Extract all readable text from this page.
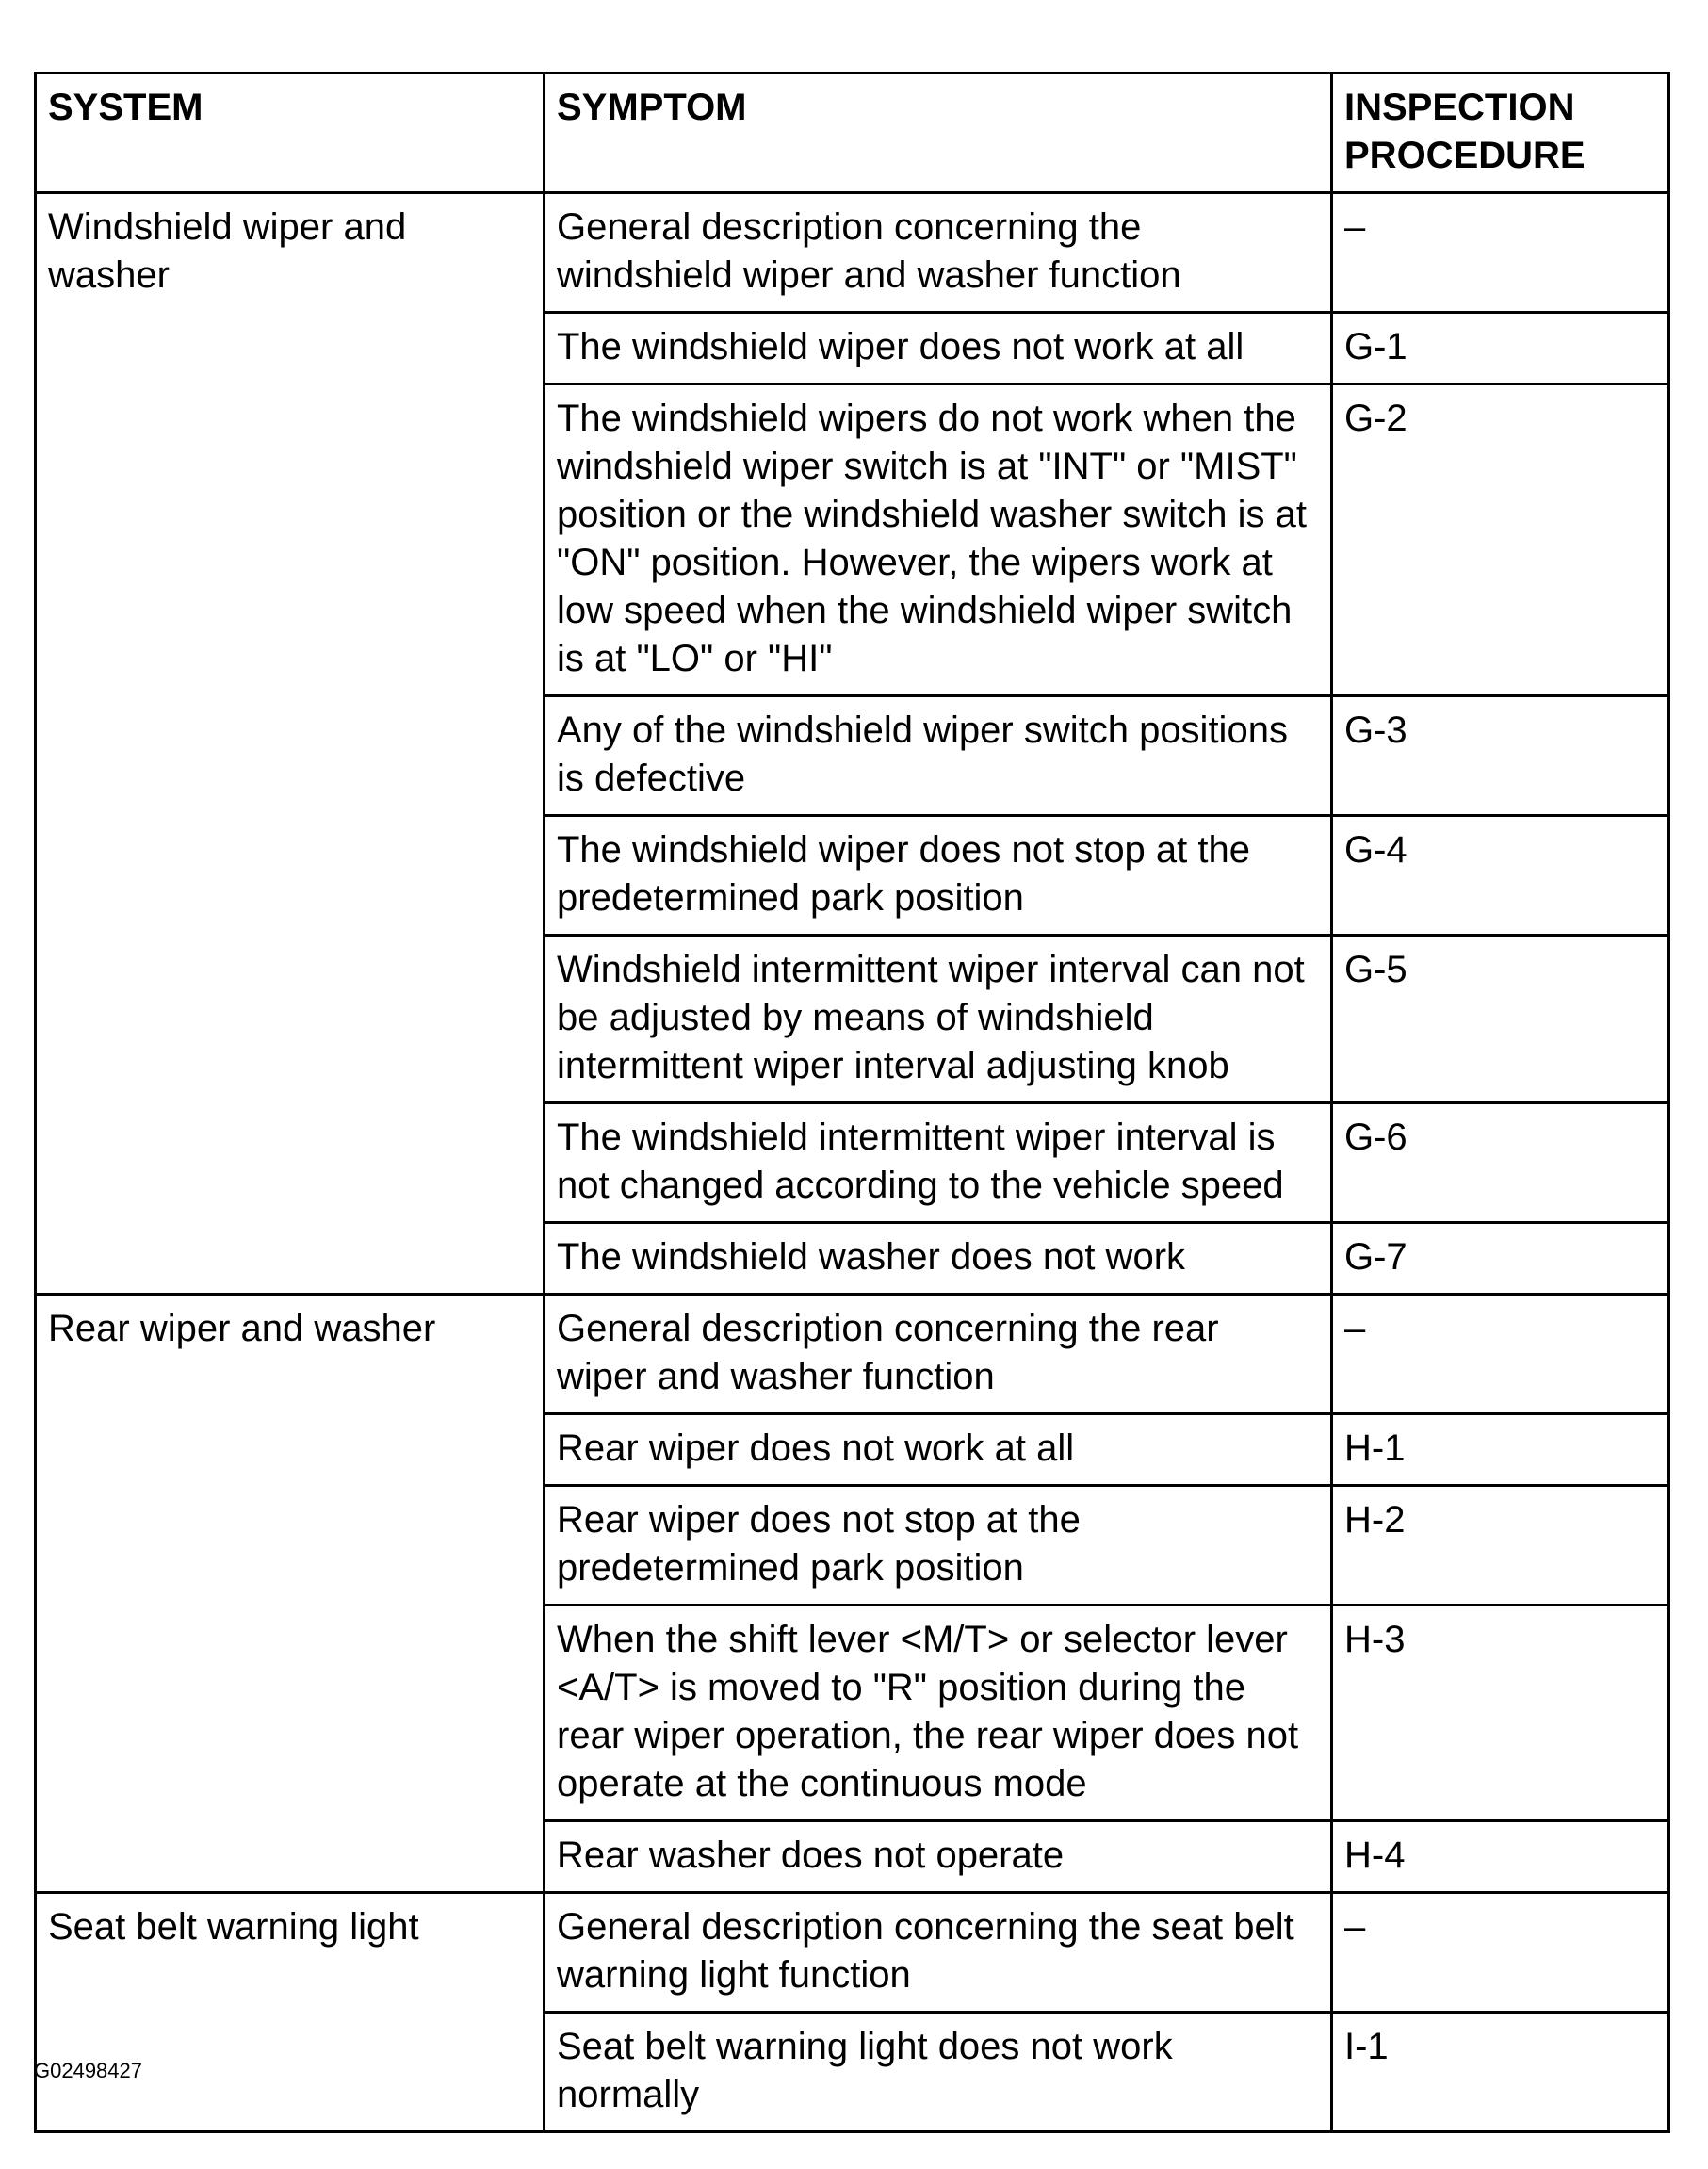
SYSTEM	SYMPTOM	INSPECTION PROCEDURE
Windshield wiper and washer	General description concerning the windshield wiper and washer function	–
	The windshield wiper does not work at all	G-1
	The windshield wipers do not work when the windshield wiper switch is at "INT" or "MIST" position or the windshield washer switch is at "ON" position. However, the wipers work at low speed when the windshield wiper switch is at "LO" or "HI"	G-2
	Any of the windshield wiper switch positions is defective	G-3
	The windshield wiper does not stop at the predetermined park position	G-4
	Windshield intermittent wiper interval can not be adjusted by means of windshield intermittent wiper interval adjusting knob	G-5
	The windshield intermittent wiper interval is not changed according to the vehicle speed	G-6
	The windshield washer does not work	G-7
Rear wiper and washer	General description concerning the rear wiper and washer function	–
	Rear wiper does not work at all	H-1
	Rear wiper does not stop at the predetermined park position	H-2
	When the shift lever <M/T> or selector lever <A/T> is moved to "R" position during the rear wiper operation, the rear wiper does not operate at the continuous mode	H-3
	Rear washer does not operate	H-4
Seat belt warning light	General description concerning the seat belt warning light function	–
	Seat belt warning light does not work normally	I-1
G02498427
